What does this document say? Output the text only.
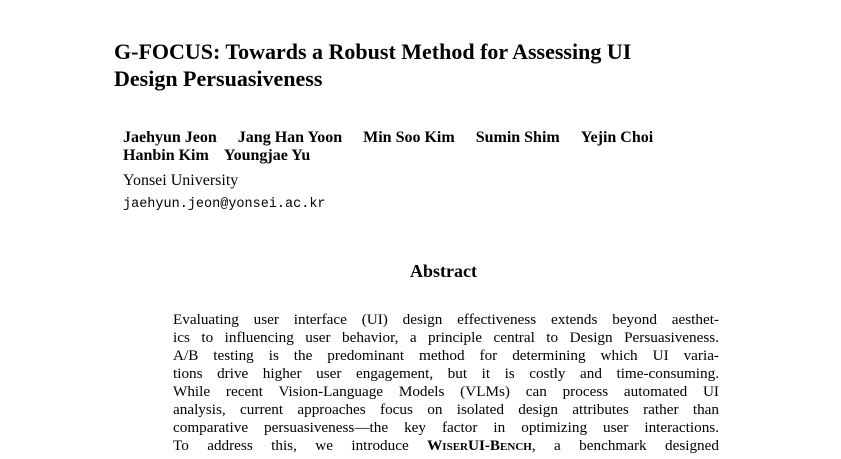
G-FOCUS: Towards a Robust Method for Assessing UI
Design Persuasiveness
Jaehyun Jeon Jang Han Yoon Min Soo Kim Sumin Shim Yejin Choi
Hanbin Kim Youngjae Yu
Yonsei University
jaehyun.jeon@yonsei.ac.kr
Abstract
Evaluating user interface (UI) design effectiveness extends beyond aesthet-
ics to influencing user behavior, a principle central to Design Persuasiveness.
A/B testing is the predominant method for determining which UI varia-
tions drive higher user engagement, but it is costly and time-consuming.
While recent Vision-Language Models (VLMs) can process automated UI
analysis, current approaches focus on isolated design attributes rather than
comparative persuasiveness—the key factor in optimizing user interactions.
To address this, we introduce WiserUI-Bench, a benchmark designed
